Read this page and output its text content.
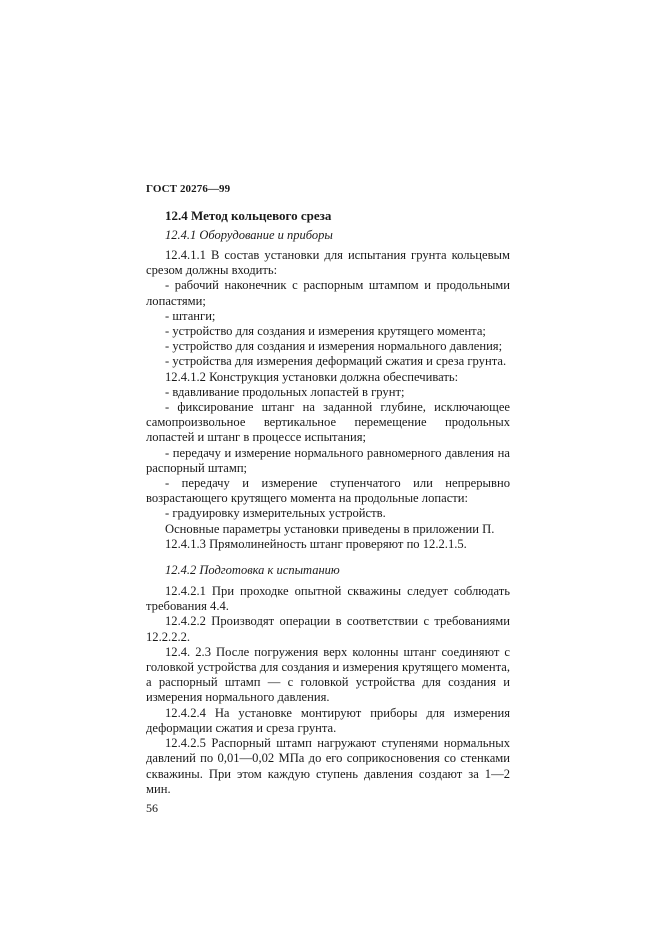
ГОСТ 20276—99
12.4 Метод кольцевого среза
12.4.1 Оборудование и приборы
12.4.1.1 В состав установки для испытания грунта кольцевым срезом должны входить:
- рабочий наконечник с распорным штампом и продольными лопастями;
- штанги;
- устройство для создания и измерения крутящего момента;
- устройство для создания и измерения нормального давления;
- устройства для измерения деформаций сжатия и среза грунта.
12.4.1.2 Конструкция установки должна обеспечивать:
- вдавливание продольных лопастей в грунт;
- фиксирование штанг на заданной глубине, исключающее самопроизвольное вертикальное перемещение продольных лопастей и штанг в процессе испытания;
- передачу и измерение нормального равномерного давления на распорный штамп;
- передачу и измерение ступенчатого или непрерывно возрастающего крутящего момента на продольные лопасти:
- градуировку измерительных устройств.
Основные параметры установки приведены в приложении П.
12.4.1.3 Прямолинейность штанг проверяют по 12.2.1.5.
12.4.2 Подготовка к испытанию
12.4.2.1 При проходке опытной скважины следует соблюдать требования 4.4.
12.4.2.2 Производят операции в соответствии с требованиями 12.2.2.2.
12.4. 2.3 После погружения верх колонны штанг соединяют с головкой устройства для создания и измерения крутящего момента, а распорный штамп — с головкой устройства для создания и измерения нормального давления.
12.4.2.4 На установке монтируют приборы для измерения деформации сжатия и среза грунта.
12.4.2.5 Распорный штамп нагружают ступенями нормальных давлений по 0,01—0,02 МПа до его соприкосновения со стенками скважины. При этом каждую ступень давления создают за 1—2 мин.
56
